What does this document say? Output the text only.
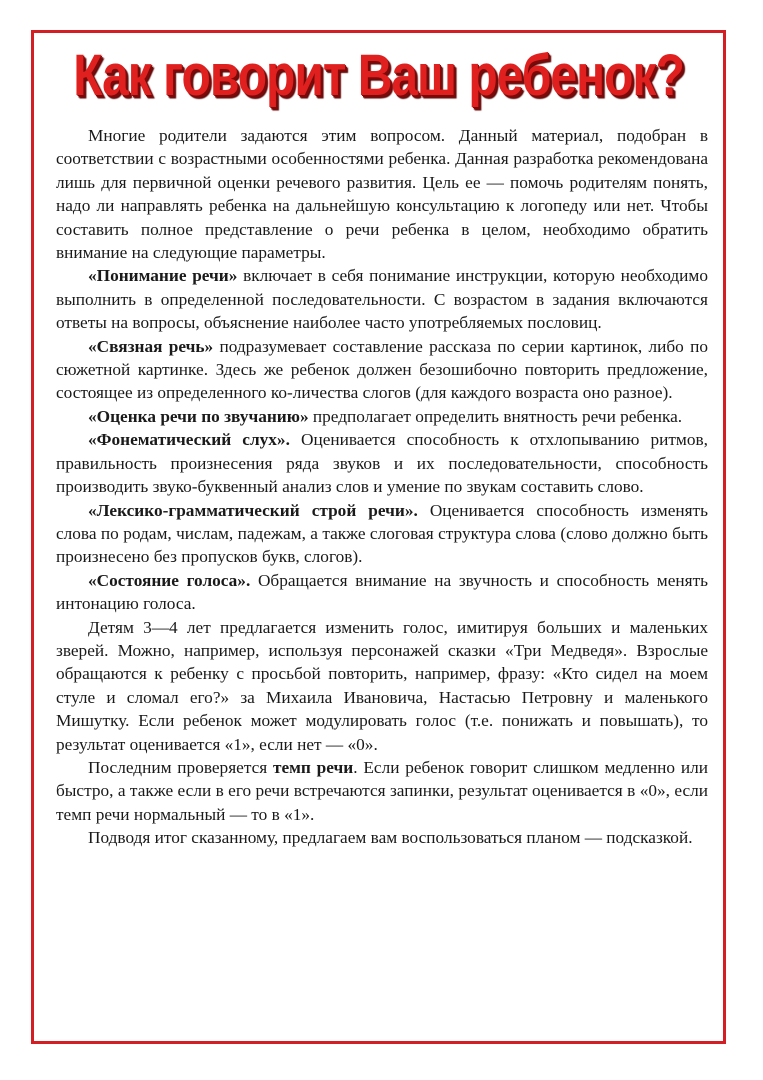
Как говорит Ваш ребенок?

Многие родители задаются этим вопросом. Данный материал, подобран в соответствии с возрастными особенностями ребенка. Данная разработка рекомендована лишь для первичной оценки речевого развития. Цель ее — помочь родителям понять, надо ли направлять ребенка на дальнейшую консультацию к логопеду или нет. Чтобы составить полное представление о речи ребенка в целом, необходимо обратить внимание на следующие параметры.

«Понимание речи» включает в себя понимание инструкции, которую необходимо выполнить в определенной последовательности. С возрастом в задания включаются ответы на вопросы, объяснение наиболее часто употребляемых пословиц.

«Связная речь» подразумевает составление рассказа по серии картинок, либо по сюжетной картинке. Здесь же ребенок должен безошибочно повторить предложение, состоящее из определенного ко-личества слогов (для каждого возраста оно разное).

«Оценка речи по звучанию» предполагает определить внятность речи ребенка.

«Фонематический слух». Оценивается способность к отхлопыванию ритмов, правильность произнесения ряда звуков и их последовательности, способность производить звуко-буквенный анализ слов и умение по звукам составить слово.

«Лексико-грамматический строй речи». Оценивается способность изменять слова по родам, числам, падежам, а также слоговая структура слова (слово должно быть произнесено без пропусков букв, слогов).

«Состояние голоса». Обращается внимание на звучность и способность менять интонацию голоса.

Детям 3—4 лет предлагается изменить голос, имитируя больших и маленьких зверей. Можно, например, используя персонажей сказки «Три Медведя». Взрослые обращаются к ребенку с просьбой повторить, например, фразу: «Кто сидел на моем стуле и сломал его?» за Михаила Ивановича, Настасью Петровну и маленького Мишутку. Если ребенок может модулировать голос (т.е. понижать и повышать), то результат оценивается «1», если нет — «0».

Последним проверяется темп речи. Если ребенок говорит слишком медленно или быстро, а также если в его речи встречаются запинки, результат оценивается в «0», если темп речи нормальный — то в «1».

Подводя итог сказанному, предлагаем вам воспользоваться планом — подсказкой.
